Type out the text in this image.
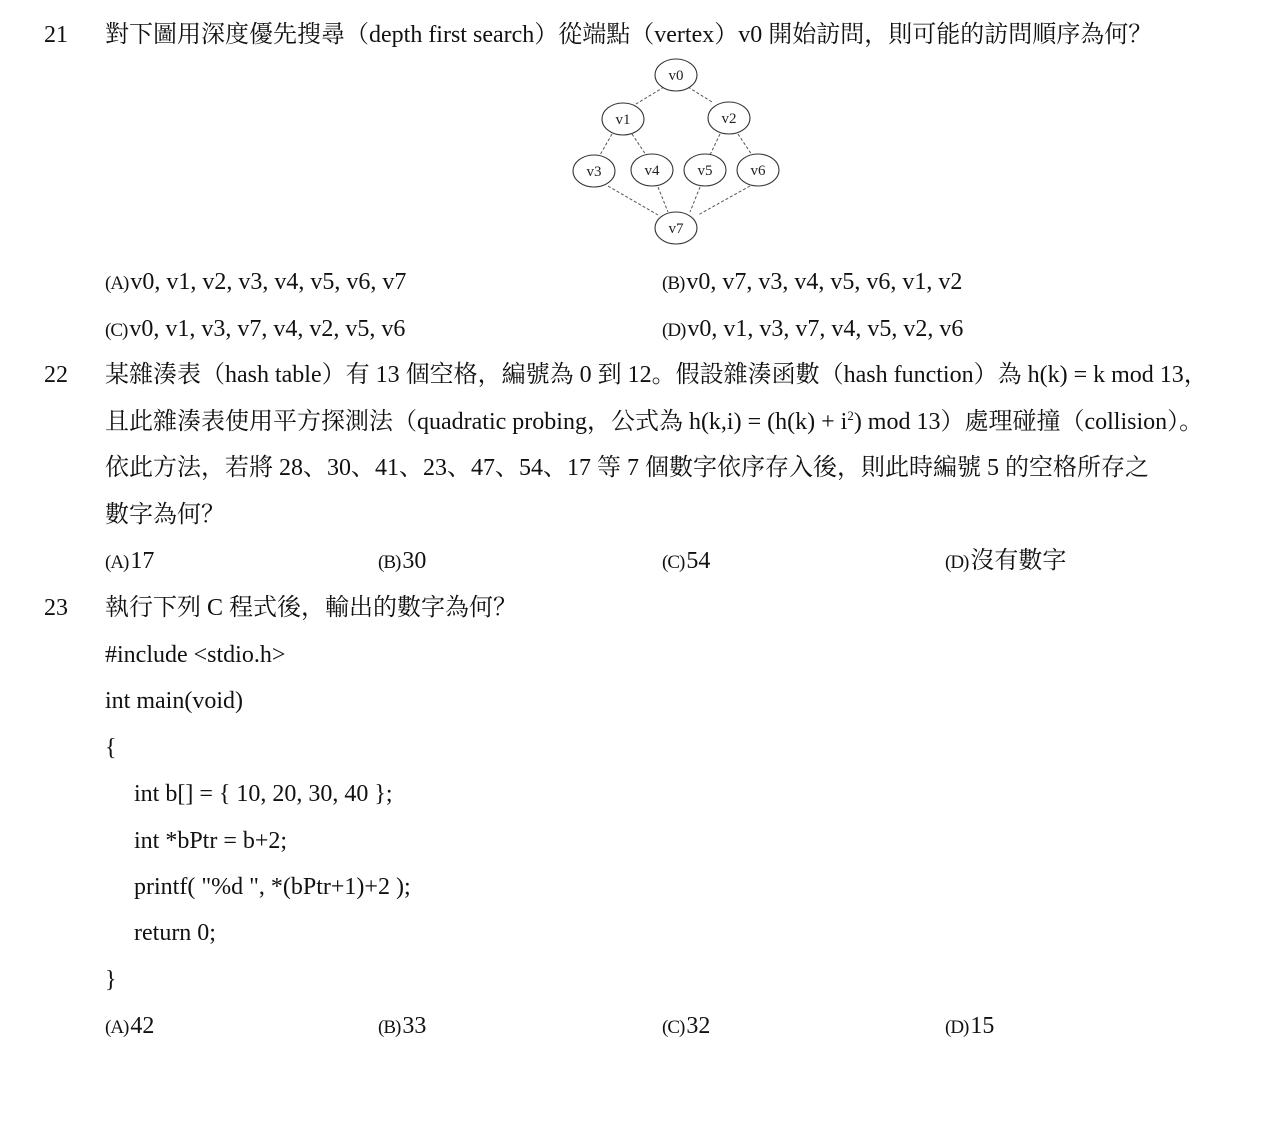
21 對下圖用深度優先搜尋（depth first search）從端點（vertex）v0 開始訪問，則可能的訪問順序為何？
v0
v1	v2
v3	v4	v5	v6
v7
(A)v0, v1, v2, v3, v4, v5, v6, v7	(B)v0, v7, v3, v4, v5, v6, v1, v2
(C)v0, v1, v3, v7, v4, v2, v5, v6	(D)v0, v1, v3, v7, v4, v5, v2, v6
22 某雜湊表（hash table）有 13 個空格，編號為 0 到 12。假設雜湊函數（hash function）為 h(k) = k mod 13，
且此雜湊表使用平方探測法（quadratic probing，公式為 $h(k,i) = (h(k) + i^2)$ mod 13）處理碰撞（collision）。
依此方法，若將 28、30、41、23、47、54、17 等 7 個數字依序存入後，則此時編號 5 的空格所存之
數字為何？
(A)17	(B)30	(C)54	(D)沒有數字
23 執行下列 C 程式後，輸出的數字為何？
#include <stdio.h>
int main(void)
{
int b[] = { 10, 20, 30, 40 };
int *bPtr = b+2;
printf( "%d ", *(bPtr+1)+2 );
return 0;
}
(A)42	(B)33	(C)32	(D)15
